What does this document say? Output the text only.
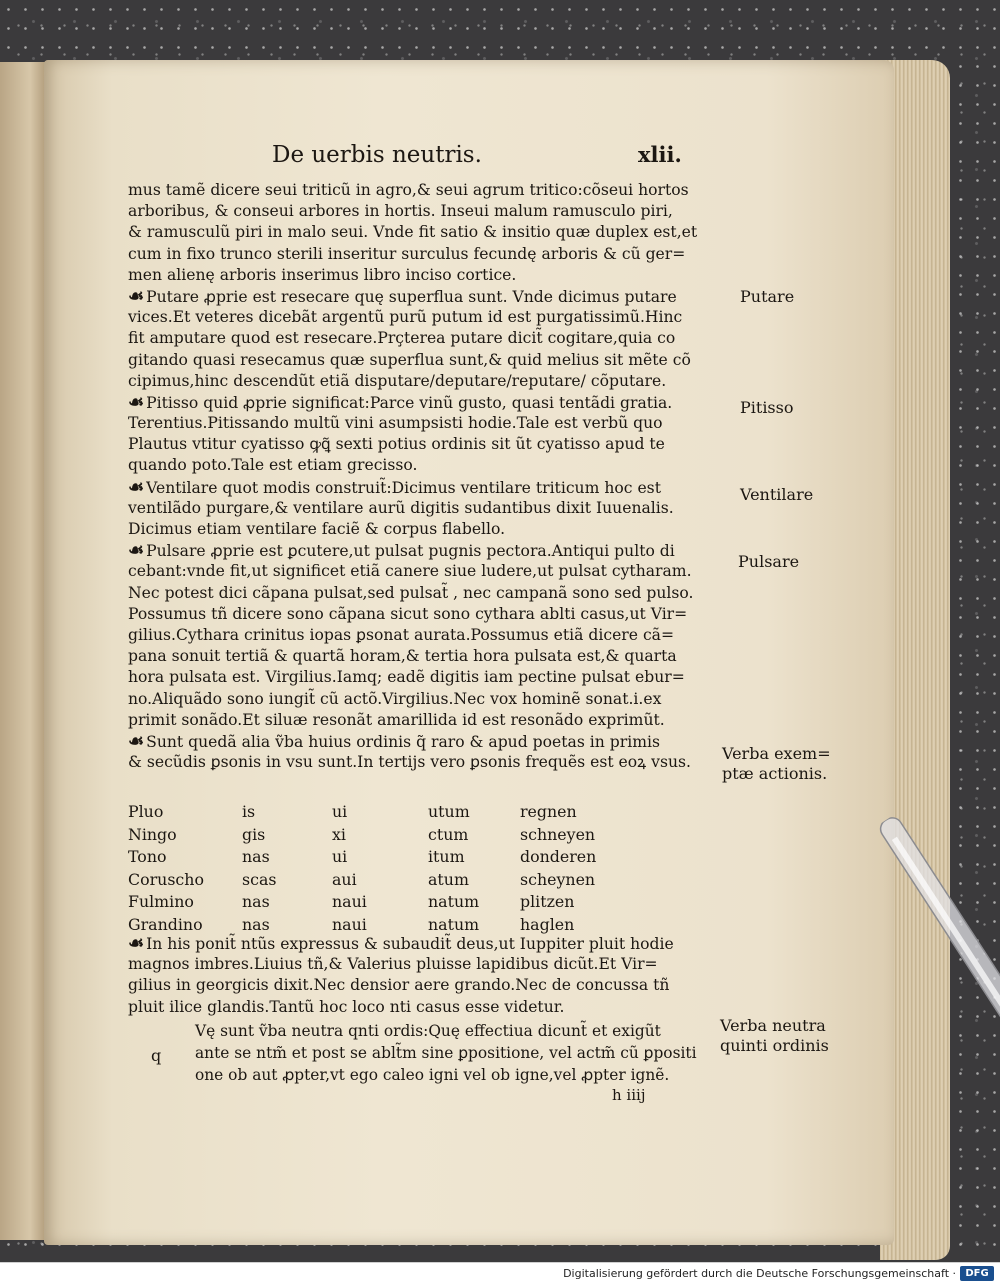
De uerbis neutris.	xlii.
mus tamẽ dicere seui triticũ in agro,& seui agrum tritico:cõseui hortos
arboribus, & conseui arbores in hortis. Inseui malum ramusculo piri,
& ramusculũ piri in malo seui. Vnde fit satio & insitio quæ duplex est,et
cum in fixo trunco sterili inseritur surculus fecundę arboris & cũ ger=
men alienę arboris inserimus libro inciso cortice.
☙ Putare ꝓprie est resecare quę superflua sunt. Vnde dicimus putare
vices.Et veteres dicebãt argentũ purũ putum id est purgatissimũ.Hinc
fit amputare quod est resecare.Prçterea putare dicit̃ cogitare,quia co
gitando quasi resecamus quæ superflua sunt,& quid melius sit mẽte cõ
cipimus,hinc descendũt etiã disputare/deputare/reputare/ cõputare.
☙ Pitisso quid ꝓprie significat:Parce vinũ gusto, quasi tentãdi gratia.
Terentius.Pitissando multũ vini asumpsisti hodie.Tale est verbũ quo
Plautus vtitur cyatisso ꝙꝗ̃ sexti potius ordinis sit ũt cyatisso apud te
quando poto.Tale est etiam grecisso.
☙ Ventilare quot modis construit̃:Dicimus ventilare triticum hoc est
ventilãdo purgare,& ventilare aurũ digitis sudantibus dixit Iuuenalis.
Dicimus etiam ventilare faciẽ & corpus flabello.
☙ Pulsare ꝓprie est ꝑcutere,ut pulsat pugnis pectora.Antiqui pulto di
cebant:vnde fit,ut significet etiã canere siue ludere,ut pulsat cytharam.
Nec potest dici cãpana pulsat,sed pulsat̃ , nec campanã sono sed pulso.
Possumus tñ dicere sono cãpana sicut sono cythara ablti casus,ut Vir=
gilius.Cythara crinitus iopas ꝑsonat aurata.Possumus etiã dicere cã=
pana sonuit tertiã & quartã horam,& tertia hora pulsata est,& quarta
hora pulsata est. Virgilius.Iamq; eadẽ digitis iam pectine pulsat ebur=
no.Aliquãdo sono iungit̃ cũ actõ.Virgilius.Nec vox hominẽ sonat.i.ex
primit sonãdo.Et siluæ resonãt amarillida id est resonãdo exprimũt.
☙ Sunt quedã alia ṽba huius ordinis q̃ raro & apud poetas in primis
& secũdis ꝑsonis in vsu sunt.In tertijs vero ꝑsonis frequẽs est eoꝝ vsus.
Pluo	is	ui	utum	regnen
Ningo	gis	xi	ctum	schneyen
Tono	nas	ui	itum	donderen
Coruscho scas	aui	atum	scheynen
Fulmino	nas	naui	natum	plitzen
Grandino nas	naui	natum	haglen
☙ In his ponit̃ ntũs expressus & subaudit̃ deus,ut Iuppiter pluit hodie
magnos imbres.Liuius tñ,& Valerius pluisse lapidibus dicũt.Et Vir=
gilius in georgicis dixit.Nec densior aere grando.Nec de concussa tñ
pluit ilice glandis.Tantũ hoc loco nti casus esse videtur.
q
Vę sunt ṽba neutra qnti ordis:Quę effectiua dicunt̃ et exigũt
ante se ntm̃ et post se ablt̃m sine ꝑpositione, vel actm̃ cũ ꝑpositi
one ob aut ꝓpter,vt ego caleo igni vel ob igne,vel ꝓpter ignẽ.
h iiij
Putare
Pitisso
Ventilare
Pulsare
Verba exem=
ptæ actionis.
Verba neutra
quinti ordinis
Digitalisierung gefördert durch die Deutsche Forschungsgemeinschaft · DFG
